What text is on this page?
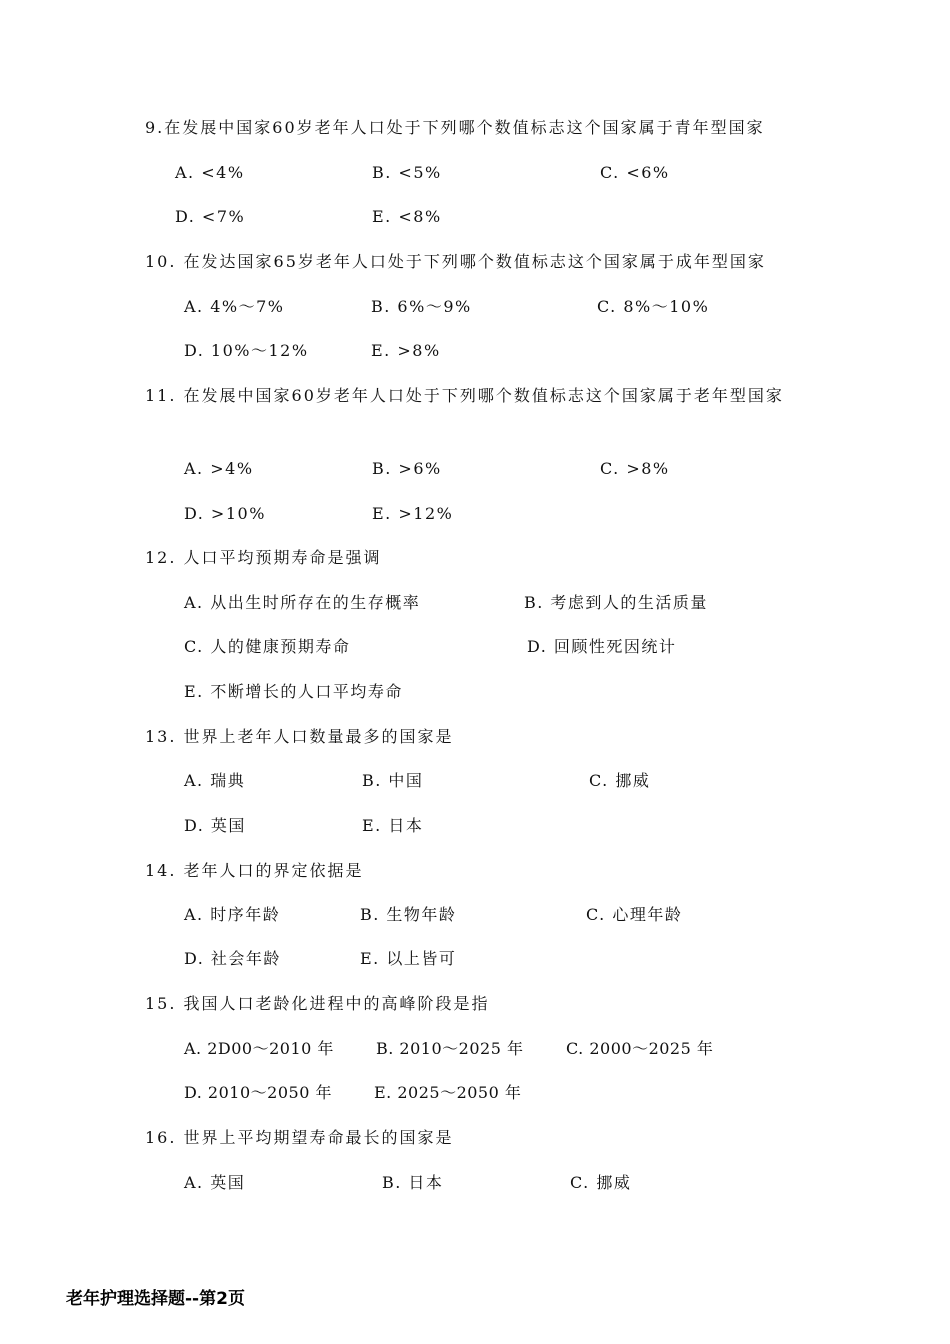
9.在发展中国家60岁老年人口处于下列哪个数值标志这个国家属于青年型国家

A. <4%	B. <5%	C. <6%
D. <7%	E. <8%

10. 在发达国家65岁老年人口处于下列哪个数值标志这个国家属于成年型国家

A. 4%～7%	B. 6%～9%	C. 8%～10%
D. 10%～12%	E. >8%

11. 在发展中国家60岁老年人口处于下列哪个数值标志这个国家属于老年型国家

A. >4%	B. >6%	C. >8%
D. >10%	E. >12%

12. 人口平均预期寿命是强调

A. 从出生时所存在的生存概率	B. 考虑到人的生活质量
C. 人的健康预期寿命	D. 回顾性死因统计
E. 不断增长的人口平均寿命

13. 世界上老年人口数量最多的国家是

A. 瑞典	B. 中国	C. 挪威
D. 英国	E. 日本

14. 老年人口的界定依据是

A. 时序年龄	B. 生物年龄	C. 心理年龄
D. 社会年龄	E. 以上皆可

15. 我国人口老龄化进程中的高峰阶段是指

A. 2D00～2010 年	B. 2010～2025 年	C. 2000～2025 年
D. 2010～2050 年	E. 2025～2050 年

16. 世界上平均期望寿命最长的国家是

A. 英国	B. 日本	C. 挪威
老年护理选择题--第2页
